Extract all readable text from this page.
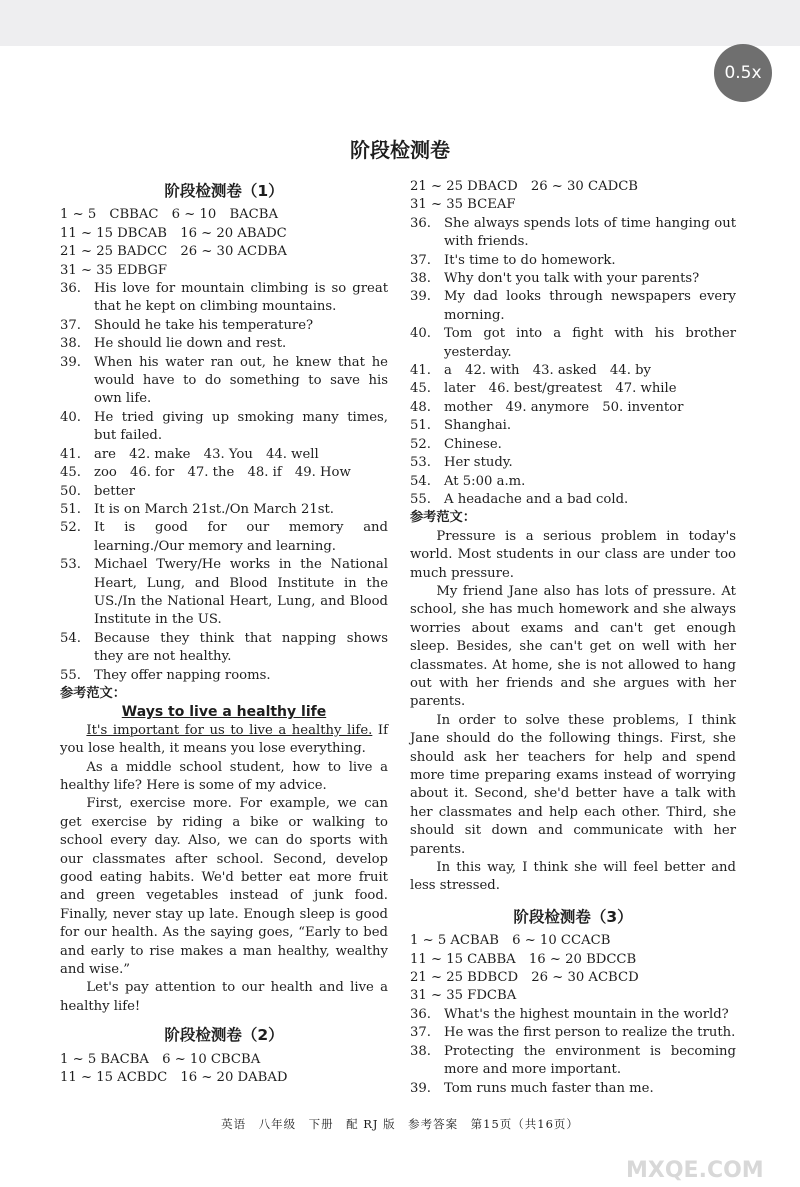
0.5x
阶段检测卷
阶段检测卷（1）
1 ~ 5　CBBAC　6 ~ 10　BACBA
11 ~ 15 DBCAB　16 ~ 20 ABADC
21 ~ 25 BADCC　26 ~ 30 ACDBA
31 ~ 35 EDBGF
36. His love for mountain climbing is so great that he kept on climbing mountains.
37. Should he take his temperature?
38. He should lie down and rest.
39. When his water ran out, he knew that he would have to do something to save his own life.
40. He tried giving up smoking many times, but failed.
41. are　42. make　43. You　44. well
45. zoo　46. for　47. the　48. if　49. How
50. better
51. It is on March 21st./On March 21st.
52. It is good for our memory and learning./Our memory and learning.
53. Michael Twery/He works in the National Heart, Lung, and Blood Institute in the US./In the National Heart, Lung, and Blood Institute in the US.
54. Because they think that napping shows they are not healthy.
55. They offer napping rooms.
参考范文：
Ways to live a healthy life
It's important for us to live a healthy life. If you lose health, it means you lose everything.
As a middle school student, how to live a healthy life? Here is some of my advice.
First, exercise more. For example, we can get exercise by riding a bike or walking to school every day. Also, we can do sports with our classmates after school. Second, develop good eating habits. We'd better eat more fruit and green vegetables instead of junk food. Finally, never stay up late. Enough sleep is good for our health. As the saying goes, “Early to bed and early to rise makes a man healthy, wealthy and wise.”
Let's pay attention to our health and live a healthy life!
阶段检测卷（2）
1 ~ 5 BACBA　6 ~ 10 CBCBA
11 ~ 15 ACBDC　16 ~ 20 DABAD
21 ~ 25 DBACD　26 ~ 30 CADCB
31 ~ 35 BCEAF
36. She always spends lots of time hanging out with friends.
37. It's time to do homework.
38. Why don't you talk with your parents?
39. My dad looks through newspapers every morning.
40. Tom got into a fight with his brother yesterday.
41. a　42. with　43. asked　44. by
45. later　46. best/greatest　47. while
48. mother　49. anymore　50. inventor
51. Shanghai.
52. Chinese.
53. Her study.
54. At 5:00 a.m.
55. A headache and a bad cold.
参考范文：
Pressure is a serious problem in today's world. Most students in our class are under too much pressure.
My friend Jane also has lots of pressure. At school, she has much homework and she always worries about exams and can't get enough sleep. Besides, she can't get on well with her classmates. At home, she is not allowed to hang out with her friends and she argues with her parents.
In order to solve these problems, I think Jane should do the following things. First, she should ask her teachers for help and spend more time preparing exams instead of worrying about it. Second, she'd better have a talk with her classmates and help each other. Third, she should sit down and communicate with her parents.
In this way, I think she will feel better and less stressed.
阶段检测卷（3）
1 ~ 5 ACBAB　6 ~ 10 CCACB
11 ~ 15 CABBA　16 ~ 20 BDCCB
21 ~ 25 BDBCD　26 ~ 30 ACBCD
31 ~ 35 FDCBA
36. What's the highest mountain in the world?
37. He was the first person to realize the truth.
38. Protecting the environment is becoming more and more important.
39. Tom runs much faster than me.
英语　八年级　下册　配 RJ 版　参考答案　第15页（共16页）
MXQE.COM
